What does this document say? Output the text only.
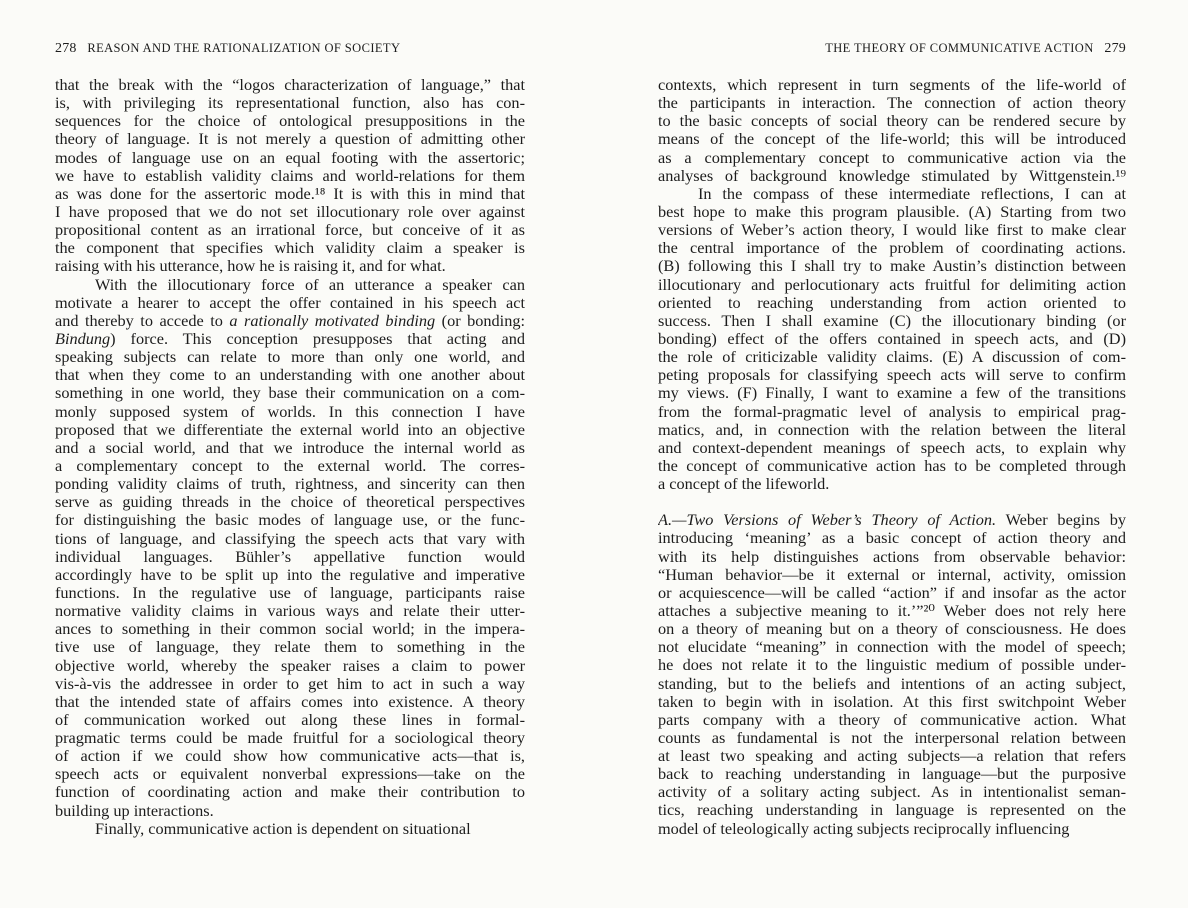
278 REASON AND THE RATIONALIZATION OF SOCIETY
that the break with the “logos characterization of language,” that
is, with privileging its representational function, also has con-
sequences for the choice of ontological presuppositions in the
theory of language. It is not merely a question of admitting other
modes of language use on an equal footing with the assertoric;
we have to establish validity claims and world-relations for them
as was done for the assertoric mode.¹⁸ It is with this in mind that
I have proposed that we do not set illocutionary role over against
propositional content as an irrational force, but conceive of it as
the component that specifies which validity claim a speaker is
raising with his utterance, how he is raising it, and for what.
With the illocutionary force of an utterance a speaker can
motivate a hearer to accept the offer contained in his speech act
and thereby to accede to a rationally motivated binding (or bonding:
Bindung) force. This conception presupposes that acting and
speaking subjects can relate to more than only one world, and
that when they come to an understanding with one another about
something in one world, they base their communication on a com-
monly supposed system of worlds. In this connection I have
proposed that we differentiate the external world into an objective
and a social world, and that we introduce the internal world as
a complementary concept to the external world. The corres-
ponding validity claims of truth, rightness, and sincerity can then
serve as guiding threads in the choice of theoretical perspectives
for distinguishing the basic modes of language use, or the func-
tions of language, and classifying the speech acts that vary with
individual languages. Bühler’s appellative function would
accordingly have to be split up into the regulative and imperative
functions. In the regulative use of language, participants raise
normative validity claims in various ways and relate their utter-
ances to something in their common social world; in the impera-
tive use of language, they relate them to something in the
objective world, whereby the speaker raises a claim to power
vis-à-vis the addressee in order to get him to act in such a way
that the intended state of affairs comes into existence. A theory
of communication worked out along these lines in formal-
pragmatic terms could be made fruitful for a sociological theory
of action if we could show how communicative acts—that is,
speech acts or equivalent nonverbal expressions—take on the
function of coordinating action and make their contribution to
building up interactions.
Finally, communicative action is dependent on situational
THE THEORY OF COMMUNICATIVE ACTION 279
contexts, which represent in turn segments of the life-world of
the participants in interaction. The connection of action theory
to the basic concepts of social theory can be rendered secure by
means of the concept of the life-world; this will be introduced
as a complementary concept to communicative action via the
analyses of background knowledge stimulated by Wittgenstein.¹⁹
In the compass of these intermediate reflections, I can at
best hope to make this program plausible. (A) Starting from two
versions of Weber’s action theory, I would like first to make clear
the central importance of the problem of coordinating actions.
(B) following this I shall try to make Austin’s distinction between
illocutionary and perlocutionary acts fruitful for delimiting action
oriented to reaching understanding from action oriented to
success. Then I shall examine (C) the illocutionary binding (or
bonding) effect of the offers contained in speech acts, and (D)
the role of criticizable validity claims. (E) A discussion of com-
peting proposals for classifying speech acts will serve to confirm
my views. (F) Finally, I want to examine a few of the transitions
from the formal-pragmatic level of analysis to empirical prag-
matics, and, in connection with the relation between the literal
and context-dependent meanings of speech acts, to explain why
the concept of communicative action has to be completed through
a concept of the lifeworld.
A.—Two Versions of Weber’s Theory of Action. Weber begins by
introducing ‘meaning’ as a basic concept of action theory and
with its help distinguishes actions from observable behavior:
“Human behavior—be it external or internal, activity, omission
or acquiescence—will be called “action” if and insofar as the actor
attaches a subjective meaning to it.’”²⁰ Weber does not rely here
on a theory of meaning but on a theory of consciousness. He does
not elucidate “meaning” in connection with the model of speech;
he does not relate it to the linguistic medium of possible under-
standing, but to the beliefs and intentions of an acting subject,
taken to begin with in isolation. At this first switchpoint Weber
parts company with a theory of communicative action. What
counts as fundamental is not the interpersonal relation between
at least two speaking and acting subjects—a relation that refers
back to reaching understanding in language—but the purposive
activity of a solitary acting subject. As in intentionalist seman-
tics, reaching understanding in language is represented on the
model of teleologically acting subjects reciprocally influencing
